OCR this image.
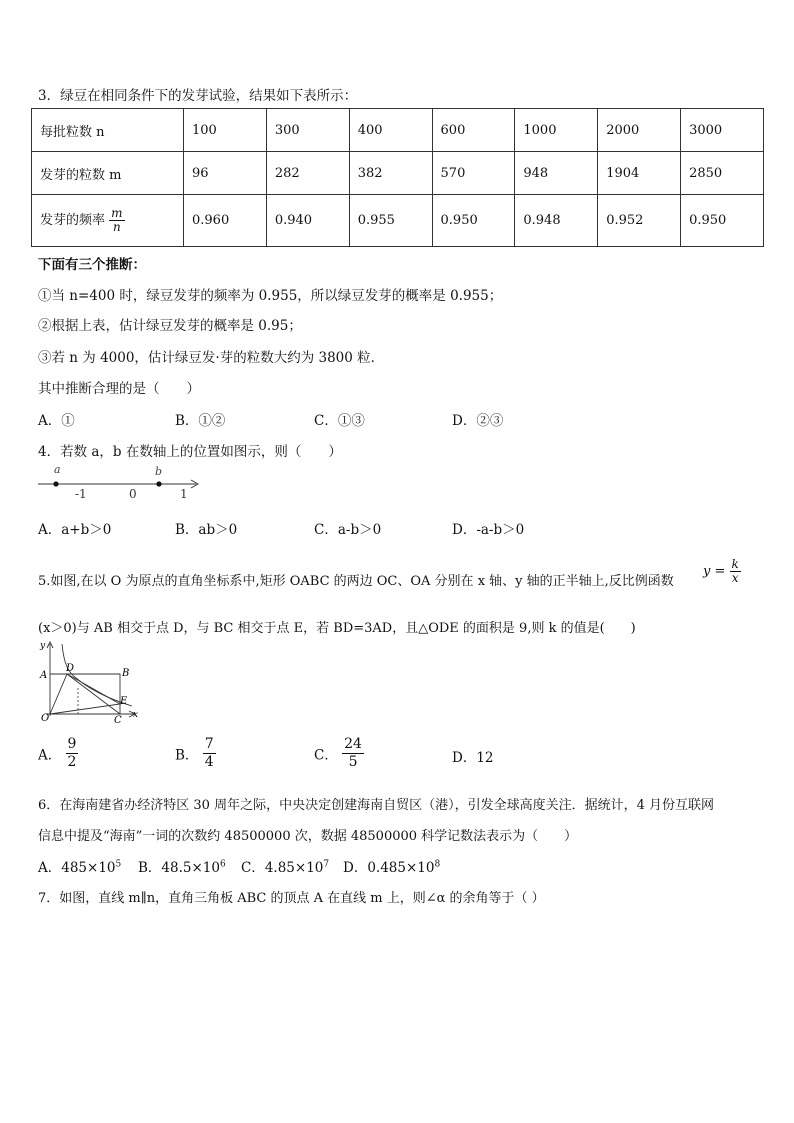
3．绿豆在相同条件下的发芽试验，结果如下表所示：
每批粒数 n	100	300	400	600	1000	2000	3000
发芽的粒数 m	96	282	382	570	948	1904	2850
发芽的频率 $\frac{m}{n}$	0.960	0.940	0.955	0.950	0.948	0.952	0.950
下面有三个推断：
①当 n=400 时，绿豆发芽的频率为 0.955，所以绿豆发芽的概率是 0.955；
②根据上表，估计绿豆发芽的概率是 0.95；
③若 n 为 4000，估计绿豆发·芽的粒数大约为 3800 粒．
其中推断合理的是（　　）
A．①	B．①②	C．①③	D．②③
4．若数 a，b 在数轴上的位置如图示，则（　　）
a	b
-1	0	1
A．a+b＞0	B．ab＞0	C．a-b＞0	D．-a-b＞0
5.如图,在以 O 为原点的直角坐标系中,矩形 OABC 的两边 OC、OA 分别在 x 轴、y 轴的正半轴上,反比例函数
$y = \frac{k}{x}$
(x＞0)与 AB 相交于点 D，与 BC 相交于点 E，若 BD=3AD，且△ODE 的面积是 9,则 k 的值是(　　)
y
x
A	B
D
E
O	C
A． $\frac{9}{2}$	B． $\frac{7}{4}$	C． $\frac{24}{5}$	D．12
6．在海南建省办经济特区 30 周年之际，中央决定创建海南自贸区（港），引发全球高度关注．据统计，4 月份互联网
信息中提及“海南”一词的次数约 48500000 次，数据 48500000 科学记数法表示为（　　）
A．$485\times 10^5$ B．$48.5\times 10^6$ C．$4.85\times 10^7$ D．$0.485\times 10^8$
7．如图，直线 m∥n，直角三角板 ABC 的顶点 A 在直线 m 上，则∠α 的余角等于（ ）
